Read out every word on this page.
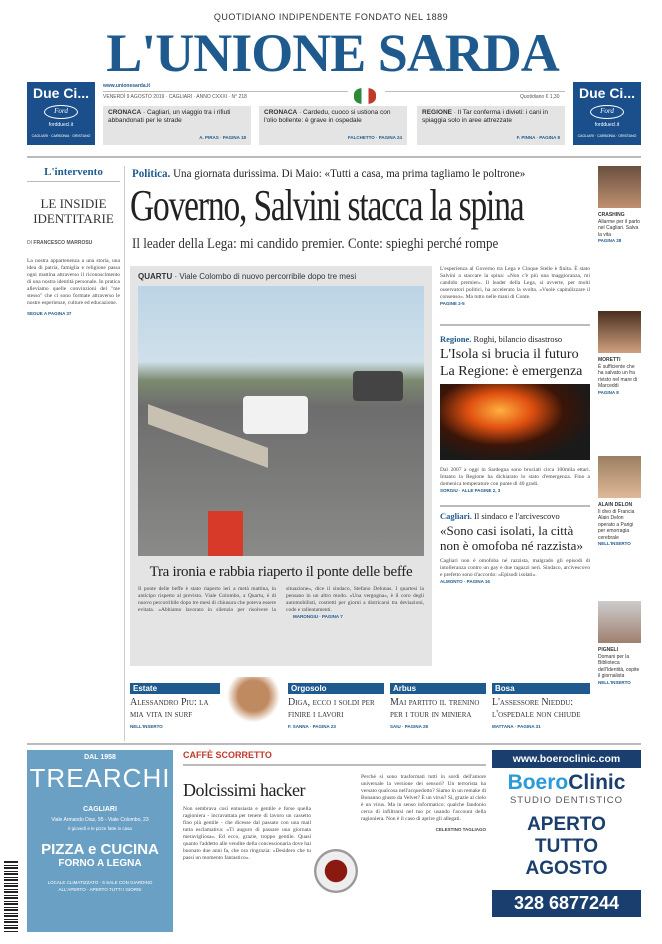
QUOTIDIANO INDIPENDENTE FONDATO NEL 1889
L'UNIONE SARDA
www.unionesarda.it
VENERDÌ 9 AGOSTO 2019 · CAGLIARI · ANNO CXXXI · N° 218	Quotidiano € 1,30
Due Ci...
Ford
fordduecl.it
CAGLIARI · CARBONIA · ORISTANO
Due Ci...
Ford
fordduecl.it
CAGLIARI · CARBONIA · ORISTANO
CRONACA · Cagliari, un viaggio tra i rifiuti abbandonati per le strade
A. PIRAS · PAGINA 18
CRONACA · Cardedu, cuoco si ustiona con l'olio bollente: è grave in ospedale
FALCHETTO · PAGINA 24
REGIONE · Il Tar conferma i divieti: i cani in spiaggia solo in aree attrezzate
F. PINNA · PAGINA 8
L'intervento
LE INSIDIE IDENTITARIE
DI FRANCESCO MARROSU
La nostra appartenenza a una storia, una idea di patria, famiglia e religione passa ogni mattina attraverso il riconoscimento di una nostra identità personale. In pratica alleviamo quelle convinzioni del "me stesso" che ci sono formate attraverso le nostre esperienze, culture ed educazione.
SEGUE A PAGINA 37
Politica. Una giornata durissima. Di Maio: «Tutti a casa, ma prima tagliamo le poltrone»
Governo, Salvini stacca la spina
Il leader della Lega: mi candido premier. Conte: spieghi perché rompe
QUARTU · Viale Colombo di nuovo percorribile dopo tre mesi
Tra ironia e rabbia riaperto il ponte delle beffe
Il ponte delle beffe è stato riaperto ieri a metà mattina, in anticipo rispetto al previsto. Viale Colombo, a Quartu, è di nuovo percorribile dopo tre mesi di chiusura che poteva essere evitata. «Abbiamo lavorato in silenzio per risolvere la situazione», dice il sindaco, Stefano Delunas. I quartesi la pensano in un altro modo. «Una vergogna», è il coro degli automobilisti, costretti per giorni a districarsi tra deviazioni, code e rallentamenti.
MARONGIU · PAGINA 7
L'esperienza al Governo tra Lega e Cinque Stelle è finita. È stato Salvini a staccare la spina: «Non c'è più una maggioranza, mi candido premier». Il leader della Lega, si avverte, per molti osservatori politici, ha accelerato la svolta. «Vuole capitalizzare il consenso». Ma tutto nelle mani di Conte.
PAGINE 2-5
Regione. Roghi, bilancio disastroso
L'Isola si brucia il futuro La Regione: è emergenza
Dal 2007 a oggi in Sardegna sono bruciati circa 100mila ettari. Intanto la Regione ha dichiarato lo stato d'emergenza. Fino a domenica temperature con punte di 40 gradi.
SORGIU · ALLE PAGINE 2, 3
Cagliari. Il sindaco e l'arcivescovo
«Sono casi isolati, la città non è omofoba né razzista»
Cagliari non è omofoba né razzista, malgrado gli episodi di intolleranza contro un gay e due ragazzi neri. Sindaco, arcivescovo e prefetto sono d'accordo: «Episodi isolati».
ALMONTO · PAGINA 16
CRASHING
Allarme per il parto nel Cagliari. Salva la vita
PAGINA 28
MORETTI
È sufficiente che ha salvato un fra rivisto nel mare di Marceddi
PAGINA 8
ALAIN DELON
Il divo di Francia Alain Delon operato a Parigi per emorragia cerebrale
NELL'INSERTO
PIGNELI
Domani per la Biblioteca dell'Identità, ospite il giornalista
NELL'INSERTO
Estate
Alessandro Piu: la mia vita in surf
NELL'INSERTO
Orgosolo
Diga, ecco i soldi per finire i lavori
F. SANNA · PAGINA 23
Arbus
Mai partito il trenino per i tour in miniera
SAIU · PAGINA 28
Bosa
L'assessore Nieddu: l'ospedale non chiude
MATTANA · PAGINA 31
DAL 1958
TREARCHI
CAGLIARI
Viale Armando Diaz, 95 - Viale Colombo, 23
Il giovedì e le pizze fatte in casa
PIZZA e CUCINA
FORNO A LEGNA
LOCALE CLIMATIZZATO · 6 SALE CON GIARDINO ALL'APERTO · APERTO TUTTI I GIORNI
CAFFÈ SCORRETTO
Dolcissimi hacker
Non sembrava così entusiasta e gentile e forse quella ragioniera - incravattata per tenere di lavoro un cassetto fino più gentile - che dicesse dal passato con una mail tutta esclamativa: «Ti auguro di passare una giornata meravigliosa». Ed ecco, grazie, troppo gentile. Quasi quanto l'addetto alle vendite della concessionaria dove hai buonato due anni fa, che ora ringrazia: «Desidero che tu passi un momento fantastico».
Perché si sono trasformati tutti in sordi dell'amore universale la versione dei sensori? Un terrorista ha versato qualcosa nell'acquedotto? Siamo in un remake di Bonanno giusto da Velvet? È un virus? Sì, grazie al cielo è un virus. Ma in senso informatico: qualche fandonio cerca di infiltrarsi nel tuo pc usando l'account della ragioniera. Non è il caso di aprire gli allegati.
CELESTINO TAGLIAGO
www.boeroclinic.com
BoeroClinic
STUDIO DENTISTICO
APERTO
TUTTO
AGOSTO
328 6877244
